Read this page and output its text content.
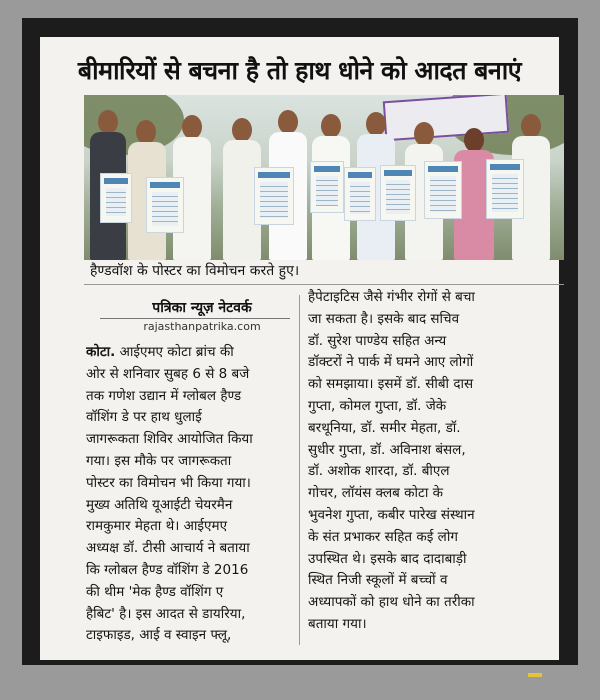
बीमारियों से बचना है तो हाथ धोने को आदत बनाएं
हैण्डवॉश के पोस्टर का विमोचन करते हुए।
पत्रिका न्यूज़ नेटवर्क
rajasthanpatrika.com
कोटा. आईएमए कोटा ब्रांच की
ओर से शनिवार सुबह 6 से 8 बजे
तक गणेश उद्यान में ग्लोबल हैण्ड
वॉशिंग डे पर हाथ धुलाई
जागरूकता शिविर आयोजित किया
गया। इस मौके पर जागरूकता
पोस्टर का विमोचन भी किया गया।
मुख्य अतिथि यूआईटी चेयरमैन
रामकुमार मेहता थे। आईएमए
अध्यक्ष डॉ. टीसी आचार्य ने बताया
कि ग्लोबल हैण्ड वॉशिंग डे 2016
की थीम 'मेक हैण्ड वॉशिंग ए
हैबिट' है। इस आदत से डायरिया,
टाइफाइड, आई व स्वाइन फ्लू,
हैपेटाइटिस जैसे गंभीर रोगों से बचा
जा सकता है। इसके बाद सचिव
डॉ. सुरेश पाण्डेय सहित अन्य
डॉक्टरों ने पार्क में घमने आए लोगों
को समझाया। इसमें डॉ. सीबी दास
गुप्ता, कोमल गुप्ता, डॉ. जेके
बरथूनिया, डॉ. समीर मेहता, डॉ.
सुधीर गुप्ता, डॉ. अविनाश बंसल,
डॉ. अशोक शारदा, डॉ. बीएल
गोचर, लॉयंस क्लब कोटा के
भुवनेश गुप्ता, कबीर पारेख संस्थान
के संत प्रभाकर सहित कई लोग
उपस्थित थे। इसके बाद दादाबाड़ी
स्थित निजी स्कूलों में बच्चों व
अध्यापकों को हाथ धोने का तरीका
बताया गया।
